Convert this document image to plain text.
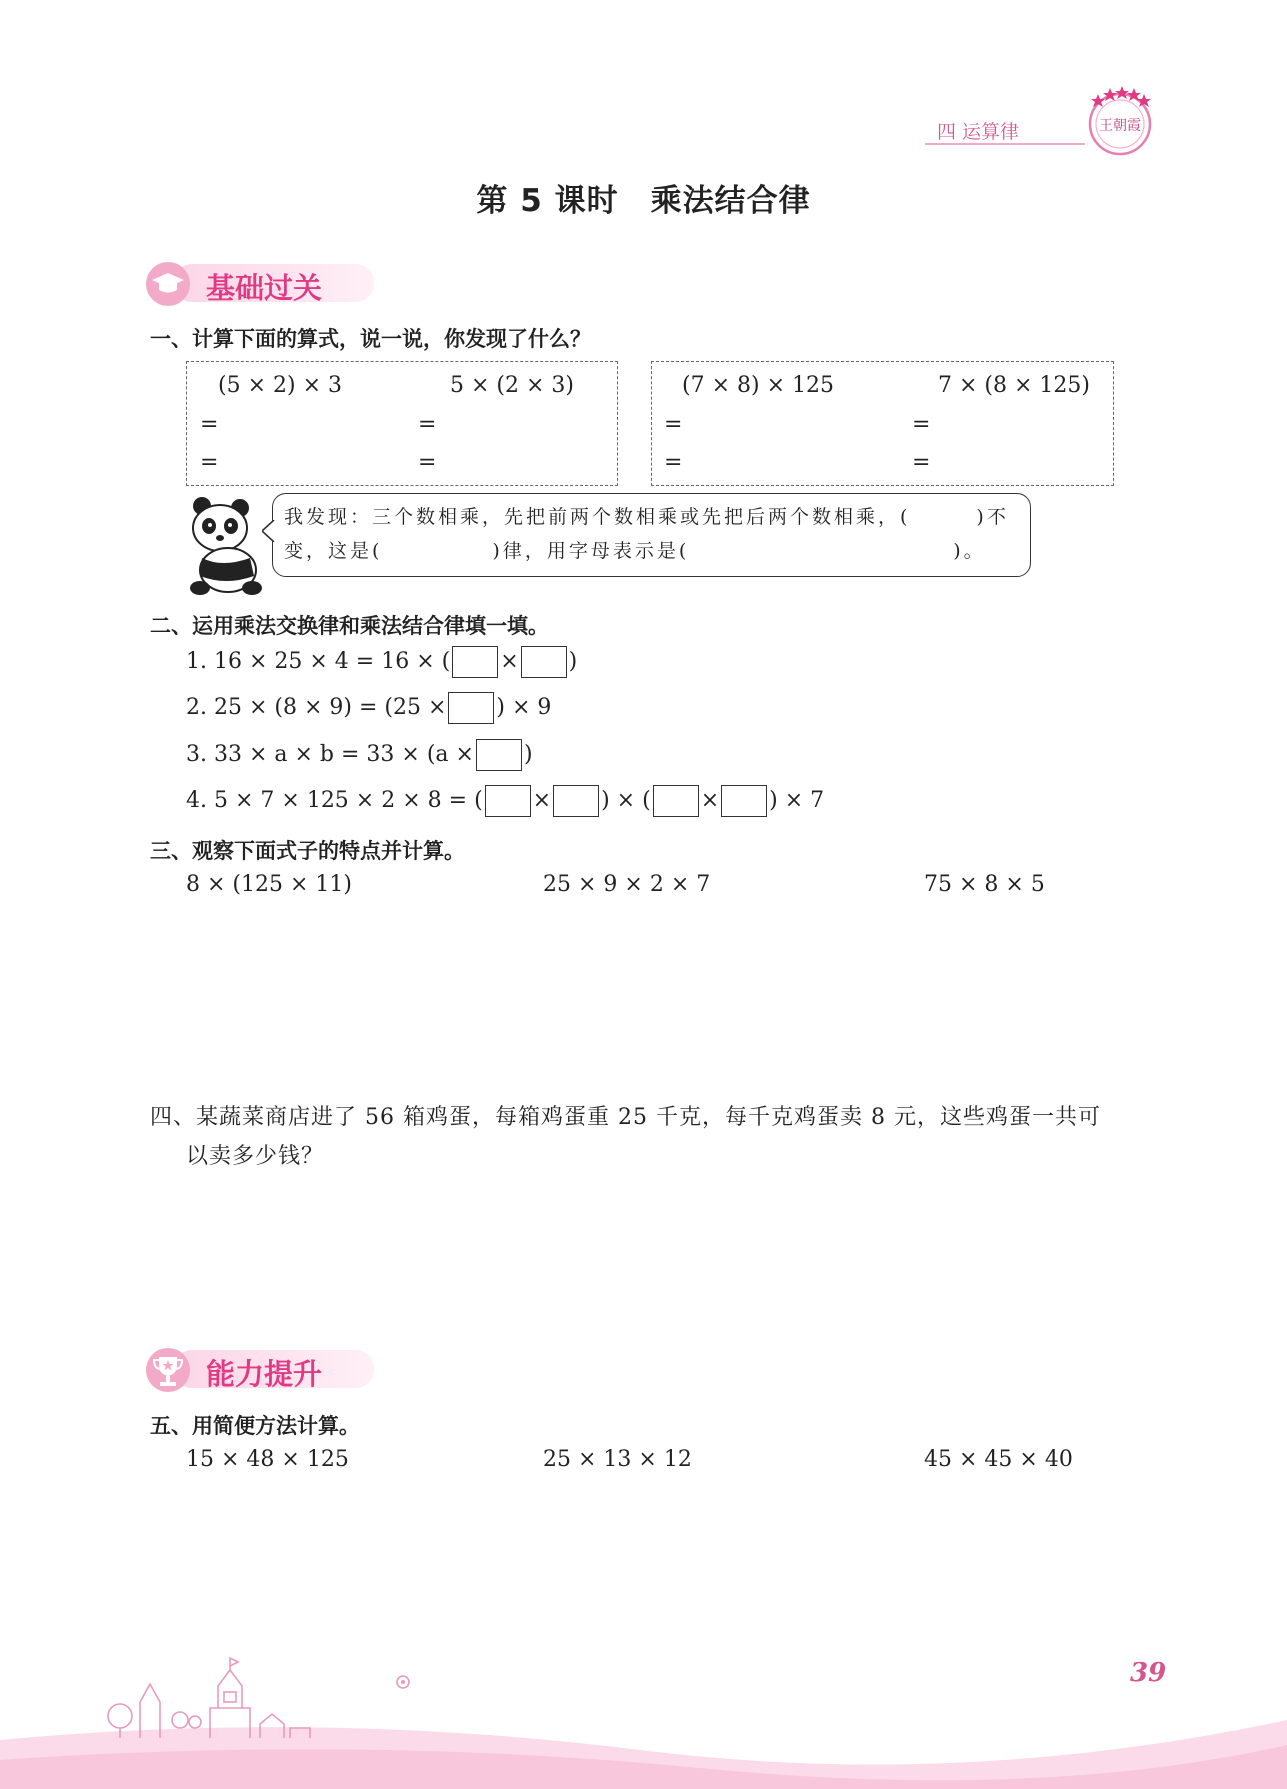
四 运算律	王朝霞
第 5 课时　乘法结合律
基础过关
一、计算下面的算式，说一说，你发现了什么？
(5 × 2) × 3	5 × (2 × 3)
=	=
=	=
(7 × 8) × 125	7 × (8 × 125)
=	=
=	=
我发现：三个数相乘，先把前两个数相乘或先把后两个数相乘，(　　　)不
变，这是(　　　　　)律，用字母表示是(　　　　　　　　　　　　)。
二、运用乘法交换律和乘法结合律填一填。
1. 16 × 25 × 4 = 16 × ( × )
2. 25 × (8 × 9) = (25 × ) × 9
3. 33 × a × b = 33 × (a × )
4. 5 × 7 × 125 × 2 × 8 = ( × ) × ( × ) × 7
三、观察下面式子的特点并计算。
8 × (125 × 11)	25 × 9 × 2 × 7	75 × 8 × 5
四、某蔬菜商店进了 56 箱鸡蛋，每箱鸡蛋重 25 千克，每千克鸡蛋卖 8 元，这些鸡蛋一共可
以卖多少钱？
能力提升
五、用简便方法计算。
15 × 48 × 125	25 × 13 × 12	45 × 45 × 40
39
